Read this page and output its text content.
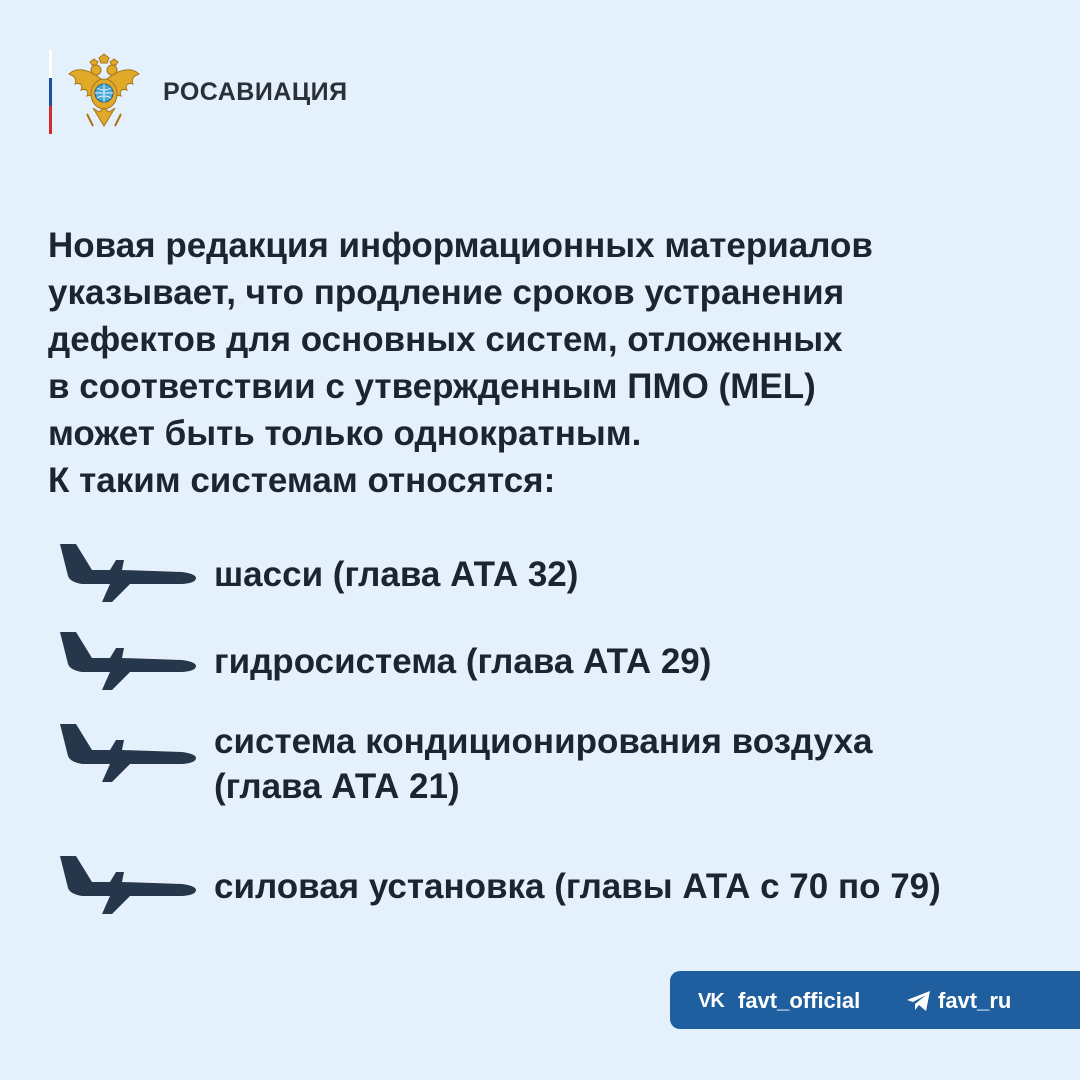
РОСАВИАЦИЯ

Новая редакция информационных материалов
указывает, что продление сроков устранения
дефектов для основных систем, отложенных
в соответствии с утвержденным ПМО (MEL)
может быть только однократным.
К таким системам относятся:

шасси (глава АТА 32)
гидросистема (глава АТА 29)
система кондиционирования воздуха
(глава АТА 21)
силовая установка (главы АТА с 70 по 79)
VK favt_official	favt_ru
